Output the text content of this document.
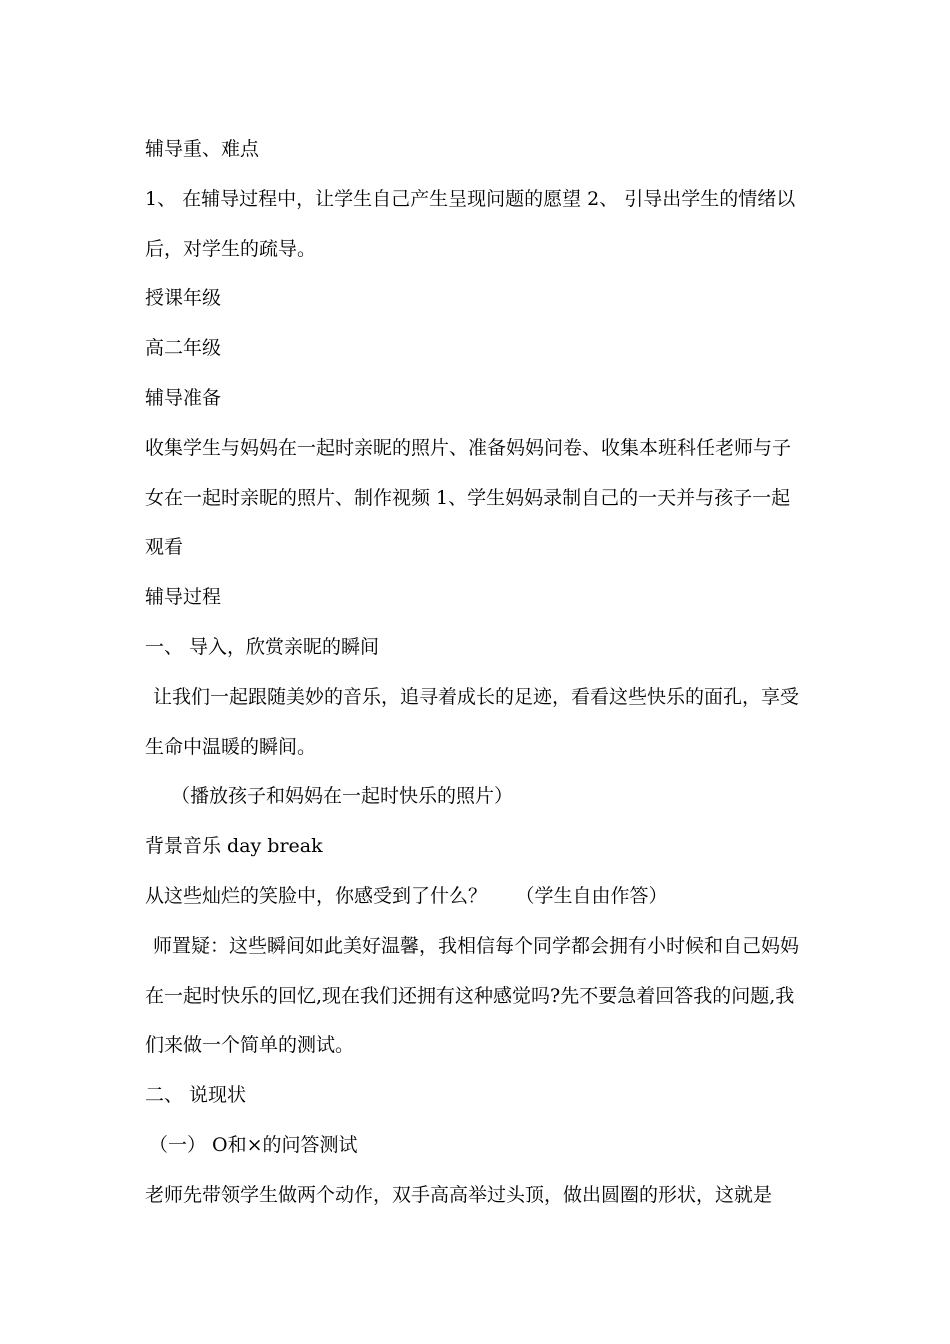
辅导重、难点
1、 在辅导过程中，让学生自己产生呈现问题的愿望 2、 引导出学生的情绪以
后，对学生的疏导。
授课年级
高二年级
辅导准备
收集学生与妈妈在一起时亲昵的照片、准备妈妈问卷、收集本班科任老师与子
女在一起时亲昵的照片、制作视频 1、学生妈妈录制自己的一天并与孩子一起
观看
辅导过程
一、 导入，欣赏亲昵的瞬间
让我们一起跟随美妙的音乐，追寻着成长的足迹，看看这些快乐的面孔，享受
生命中温暖的瞬间。
（播放孩子和妈妈在一起时快乐的照片）
背景音乐 day break
从这些灿烂的笑脸中，你感受到了什么？　　（学生自由作答）
师置疑：这些瞬间如此美好温馨，我相信每个同学都会拥有小时候和自己妈妈
在一起时快乐的回忆,现在我们还拥有这种感觉吗?先不要急着回答我的问题,我
们来做一个简单的测试。
二、 说现状
（一） O和×的问答测试
老师先带领学生做两个动作，双手高高举过头顶，做出圆圈的形状，这就是
